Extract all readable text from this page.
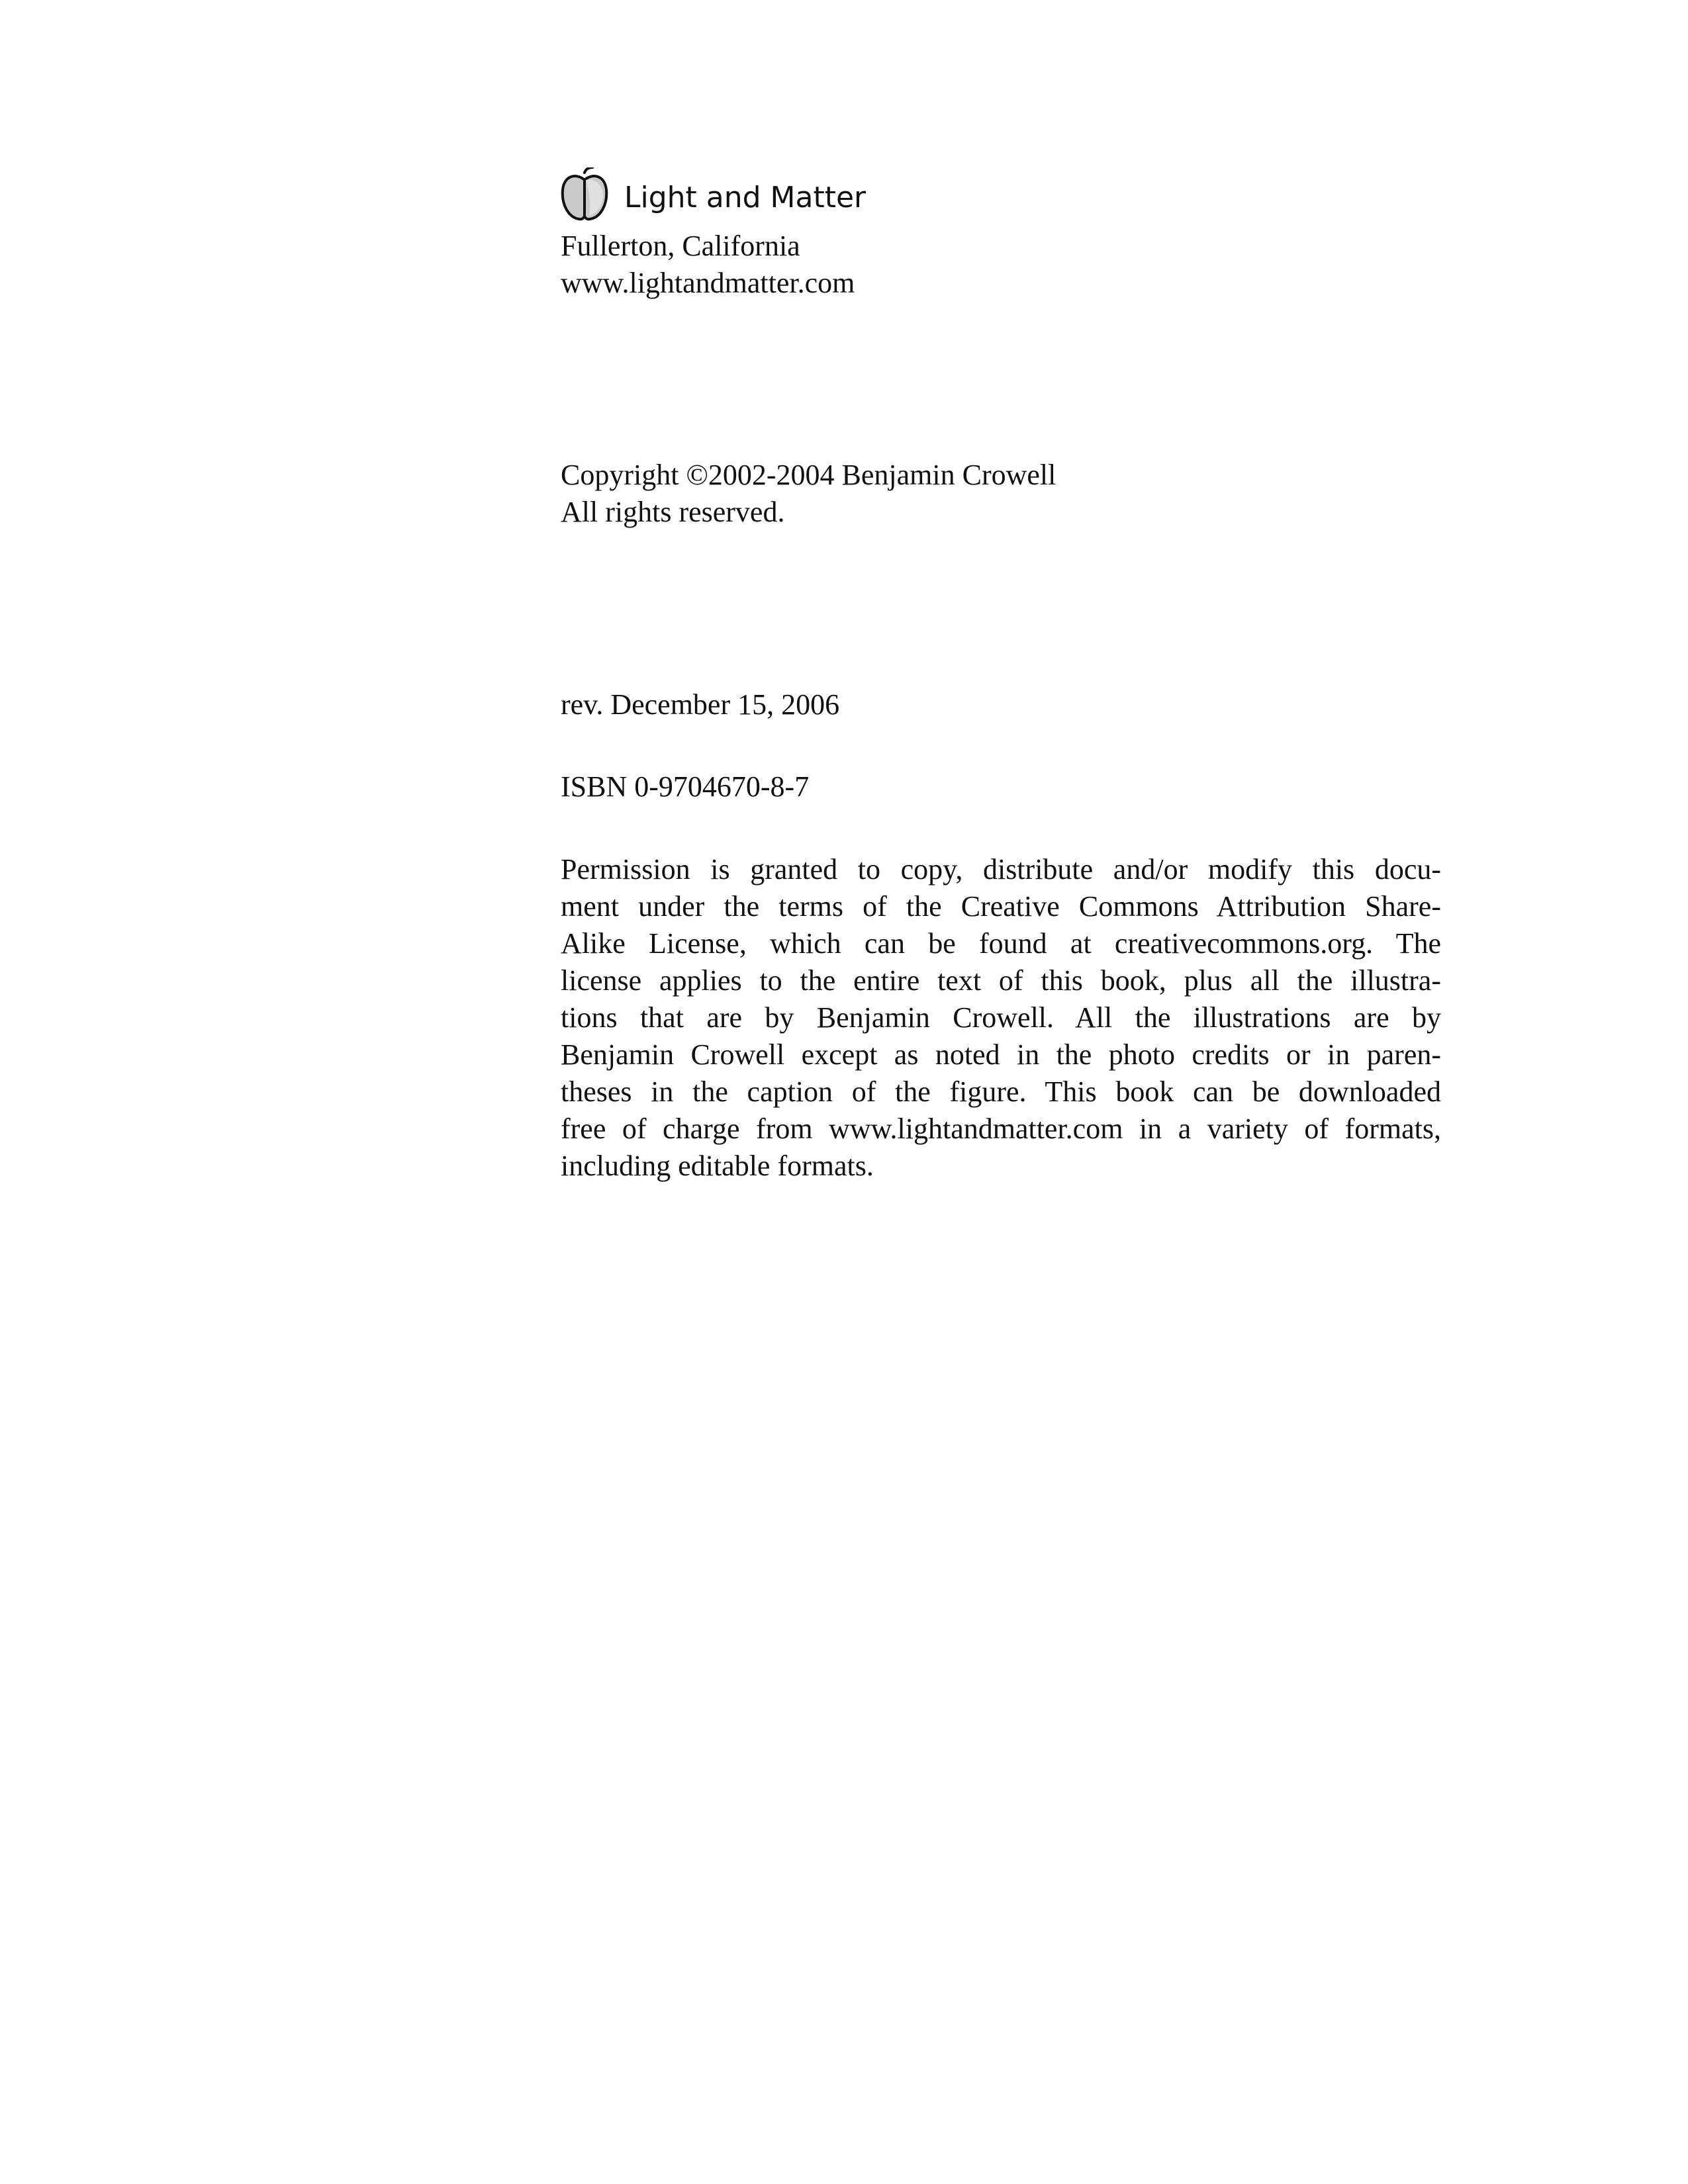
Light and Matter
Fullerton, California
www.lightandmatter.com
Copyright ©2002-2004 Benjamin Crowell
All rights reserved.
rev. December 15, 2006
ISBN 0-9704670-8-7
Permission is granted to copy, distribute and/or modify this docu-
ment under the terms of the Creative Commons Attribution Share-
Alike License, which can be found at creativecommons.org. The
license applies to the entire text of this book, plus all the illustra-
tions that are by Benjamin Crowell. All the illustrations are by
Benjamin Crowell except as noted in the photo credits or in paren-
theses in the caption of the figure. This book can be downloaded
free of charge from www.lightandmatter.com in a variety of formats,
including editable formats.
